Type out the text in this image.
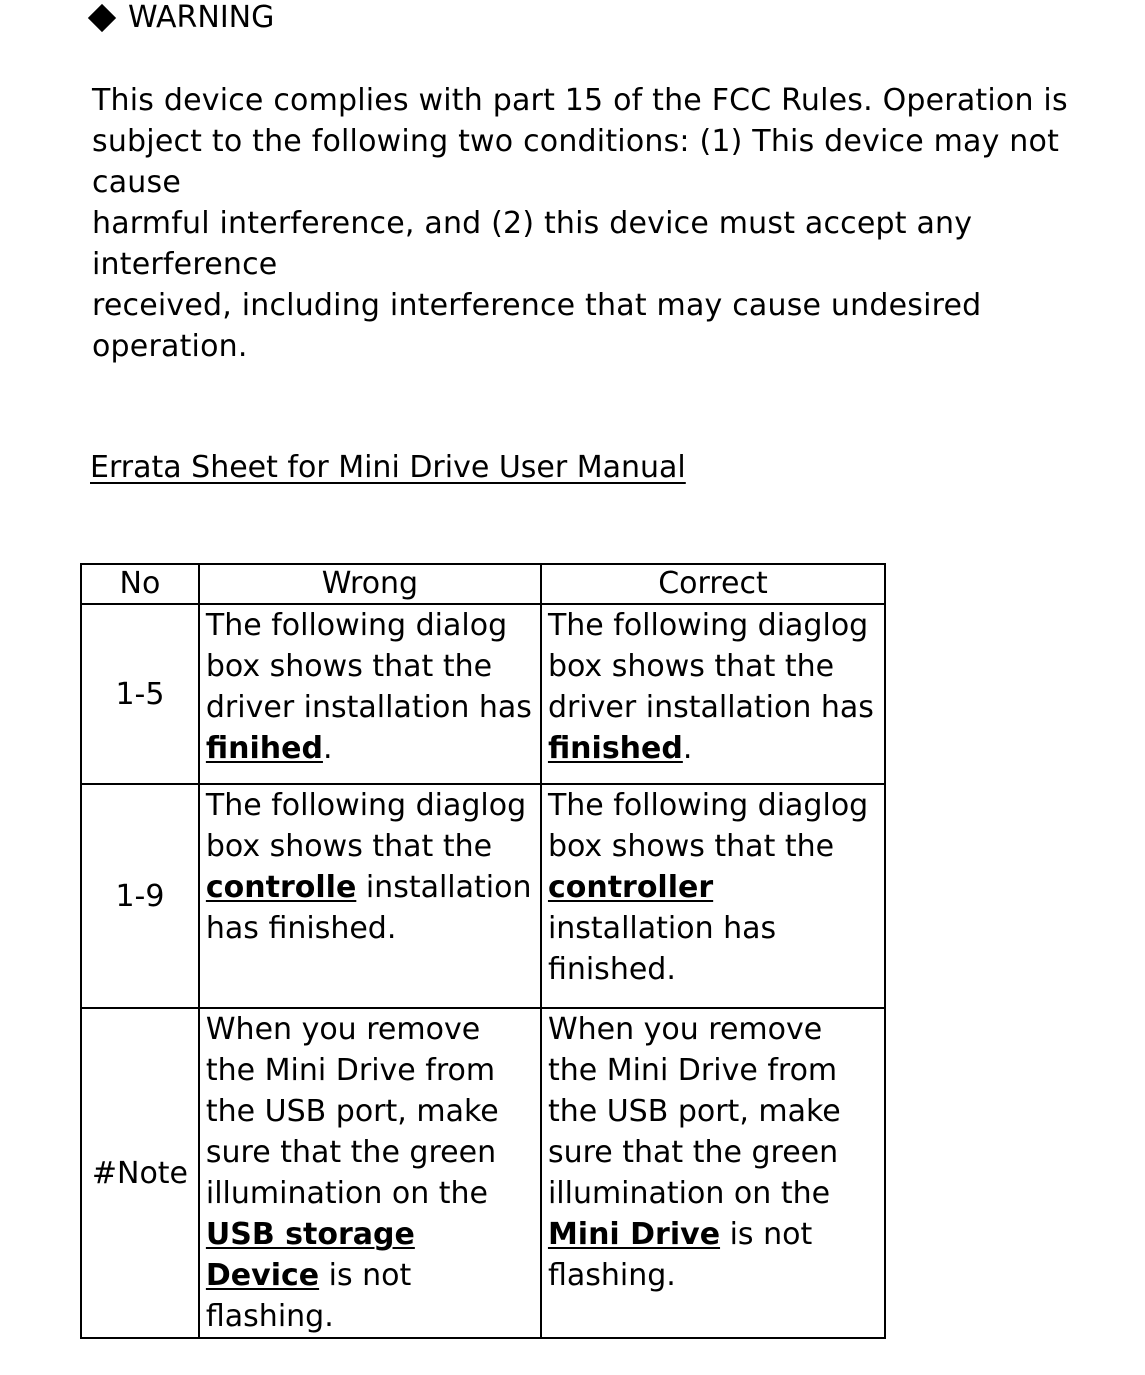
WARNING
This device complies with part 15 of the FCC Rules. Operation is
subject to the following two conditions: (1) This device may not cause
harmful interference, and (2) this device must accept any interference
received, including interference that may cause undesired operation.
Errata Sheet for Mini Drive User Manual
No	Wrong	Correct
1-5	The following dialog box shows that the driver installation has finihed.	The following diaglog box shows that the driver installation has finished.
1-9	The following diaglog box shows that the controlle installation has finished.	The following diaglog box shows that the controller installation has finished.
#Note	When you remove the Mini Drive from the USB port, make sure that the green illumination on the USB storage Device is not flashing.	When you remove the Mini Drive from the USB port, make sure that the green illumination on the Mini Drive is not flashing.
